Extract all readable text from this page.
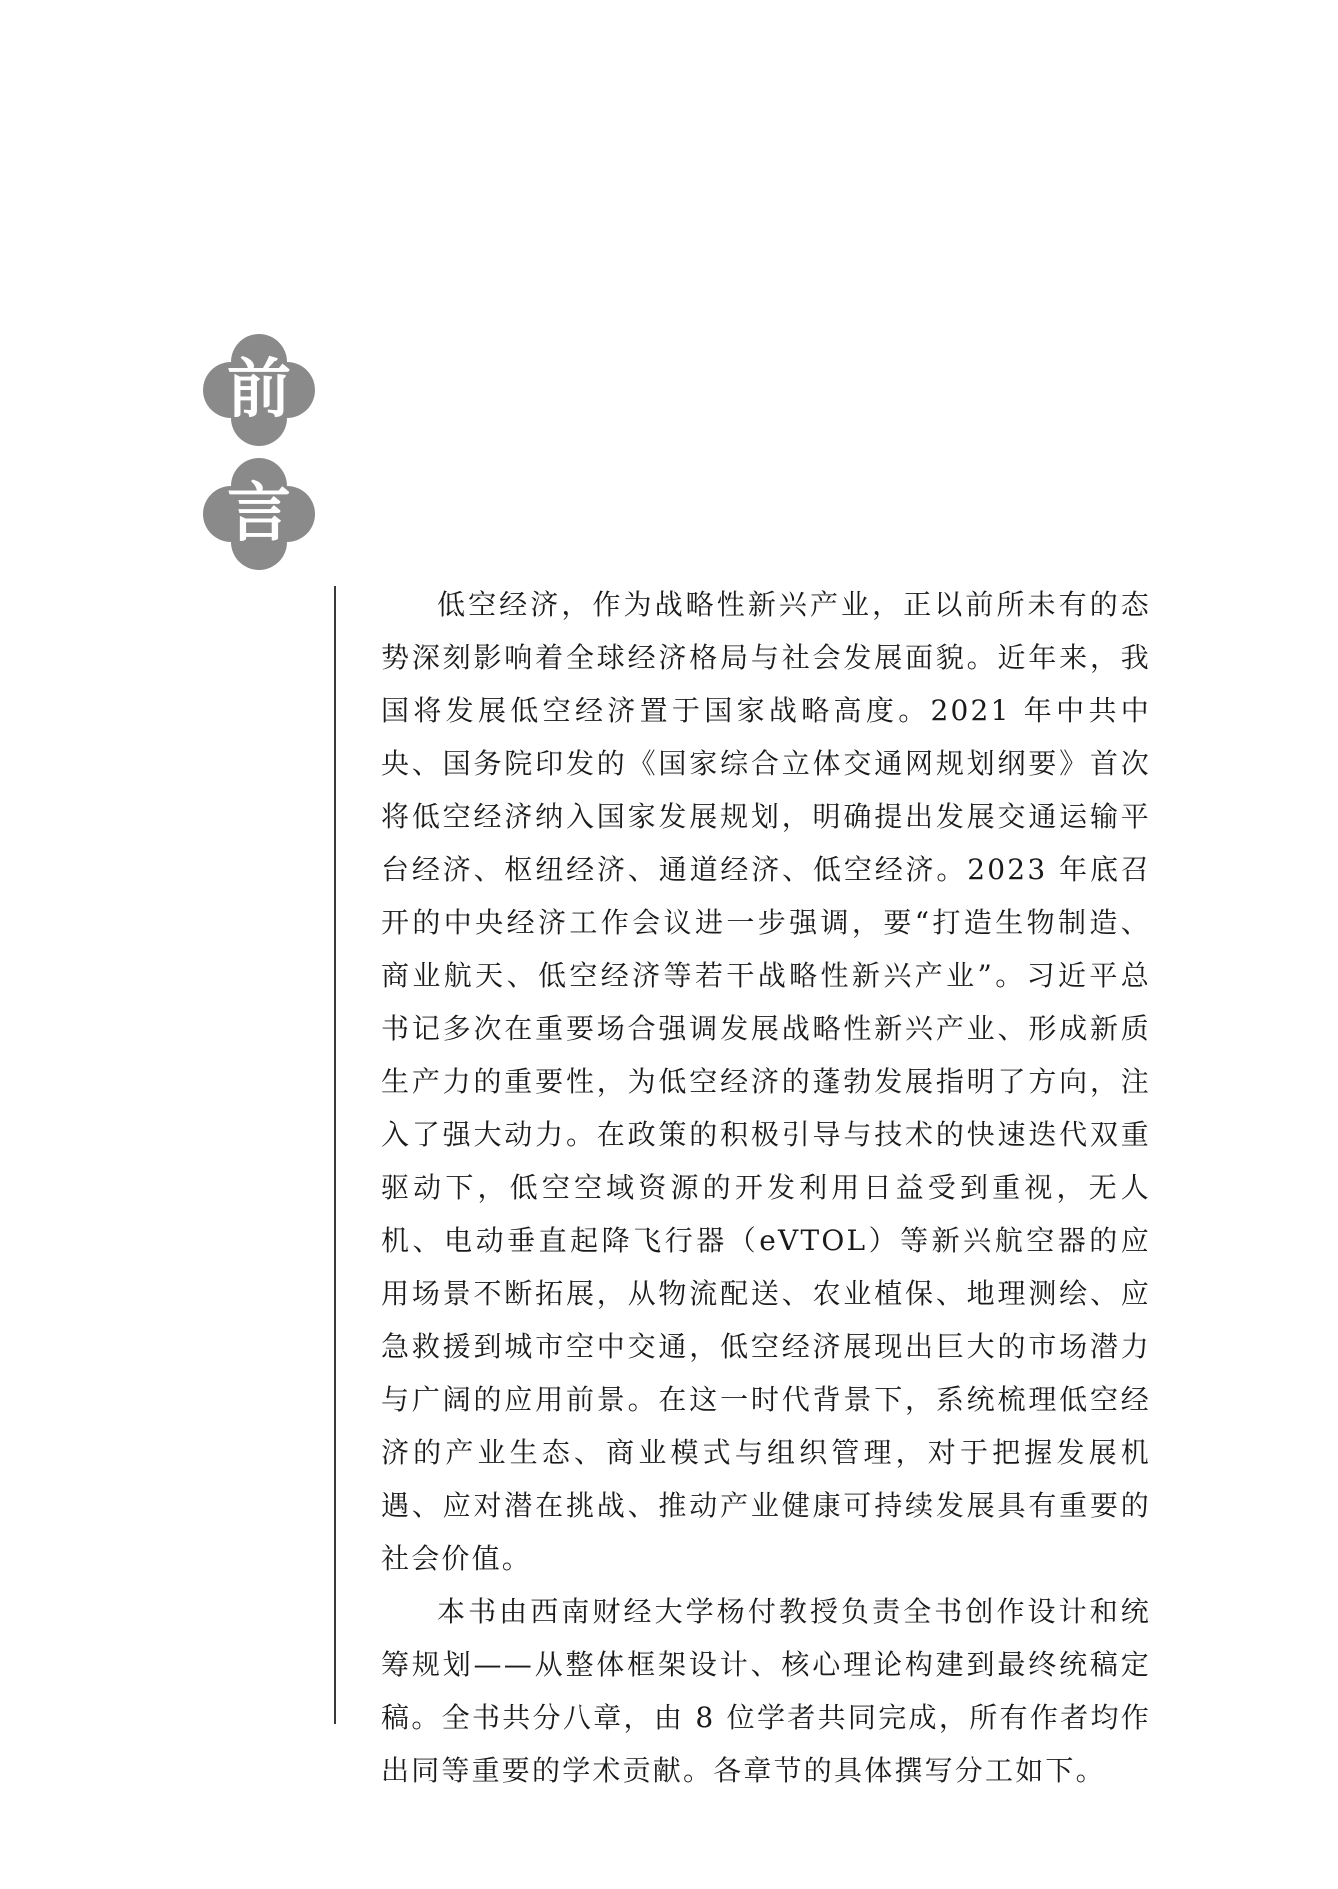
前
言

低空经济，作为战略性新兴产业，正以前所未有的态势深刻影响着全球经济格局与社会发展面貌。近年来，我国将发展低空经济置于国家战略高度。2021 年中共中央、国务院印发的《国家综合立体交通网规划纲要》首次将低空经济纳入国家发展规划，明确提出发展交通运输平台经济、枢纽经济、通道经济、低空经济。2023 年底召开的中央经济工作会议进一步强调，要“打造生物制造、商业航天、低空经济等若干战略性新兴产业”。习近平总书记多次在重要场合强调发展战略性新兴产业、形成新质生产力的重要性，为低空经济的蓬勃发展指明了方向，注入了强大动力。在政策的积极引导与技术的快速迭代双重驱动下，低空空域资源的开发利用日益受到重视，无人机、电动垂直起降飞行器（eVTOL）等新兴航空器的应用场景不断拓展，从物流配送、农业植保、地理测绘、应急救援到城市空中交通，低空经济展现出巨大的市场潜力与广阔的应用前景。在这一时代背景下，系统梳理低空经济的产业生态、商业模式与组织管理，对于把握发展机遇、应对潜在挑战、推动产业健康可持续发展具有重要的社会价值。

本书由西南财经大学杨付教授负责全书创作设计和统筹规划——从整体框架设计、核心理论构建到最终统稿定稿。全书共分八章，由 8 位学者共同完成，所有作者均作出同等重要的学术贡献。各章节的具体撰写分工如下。
